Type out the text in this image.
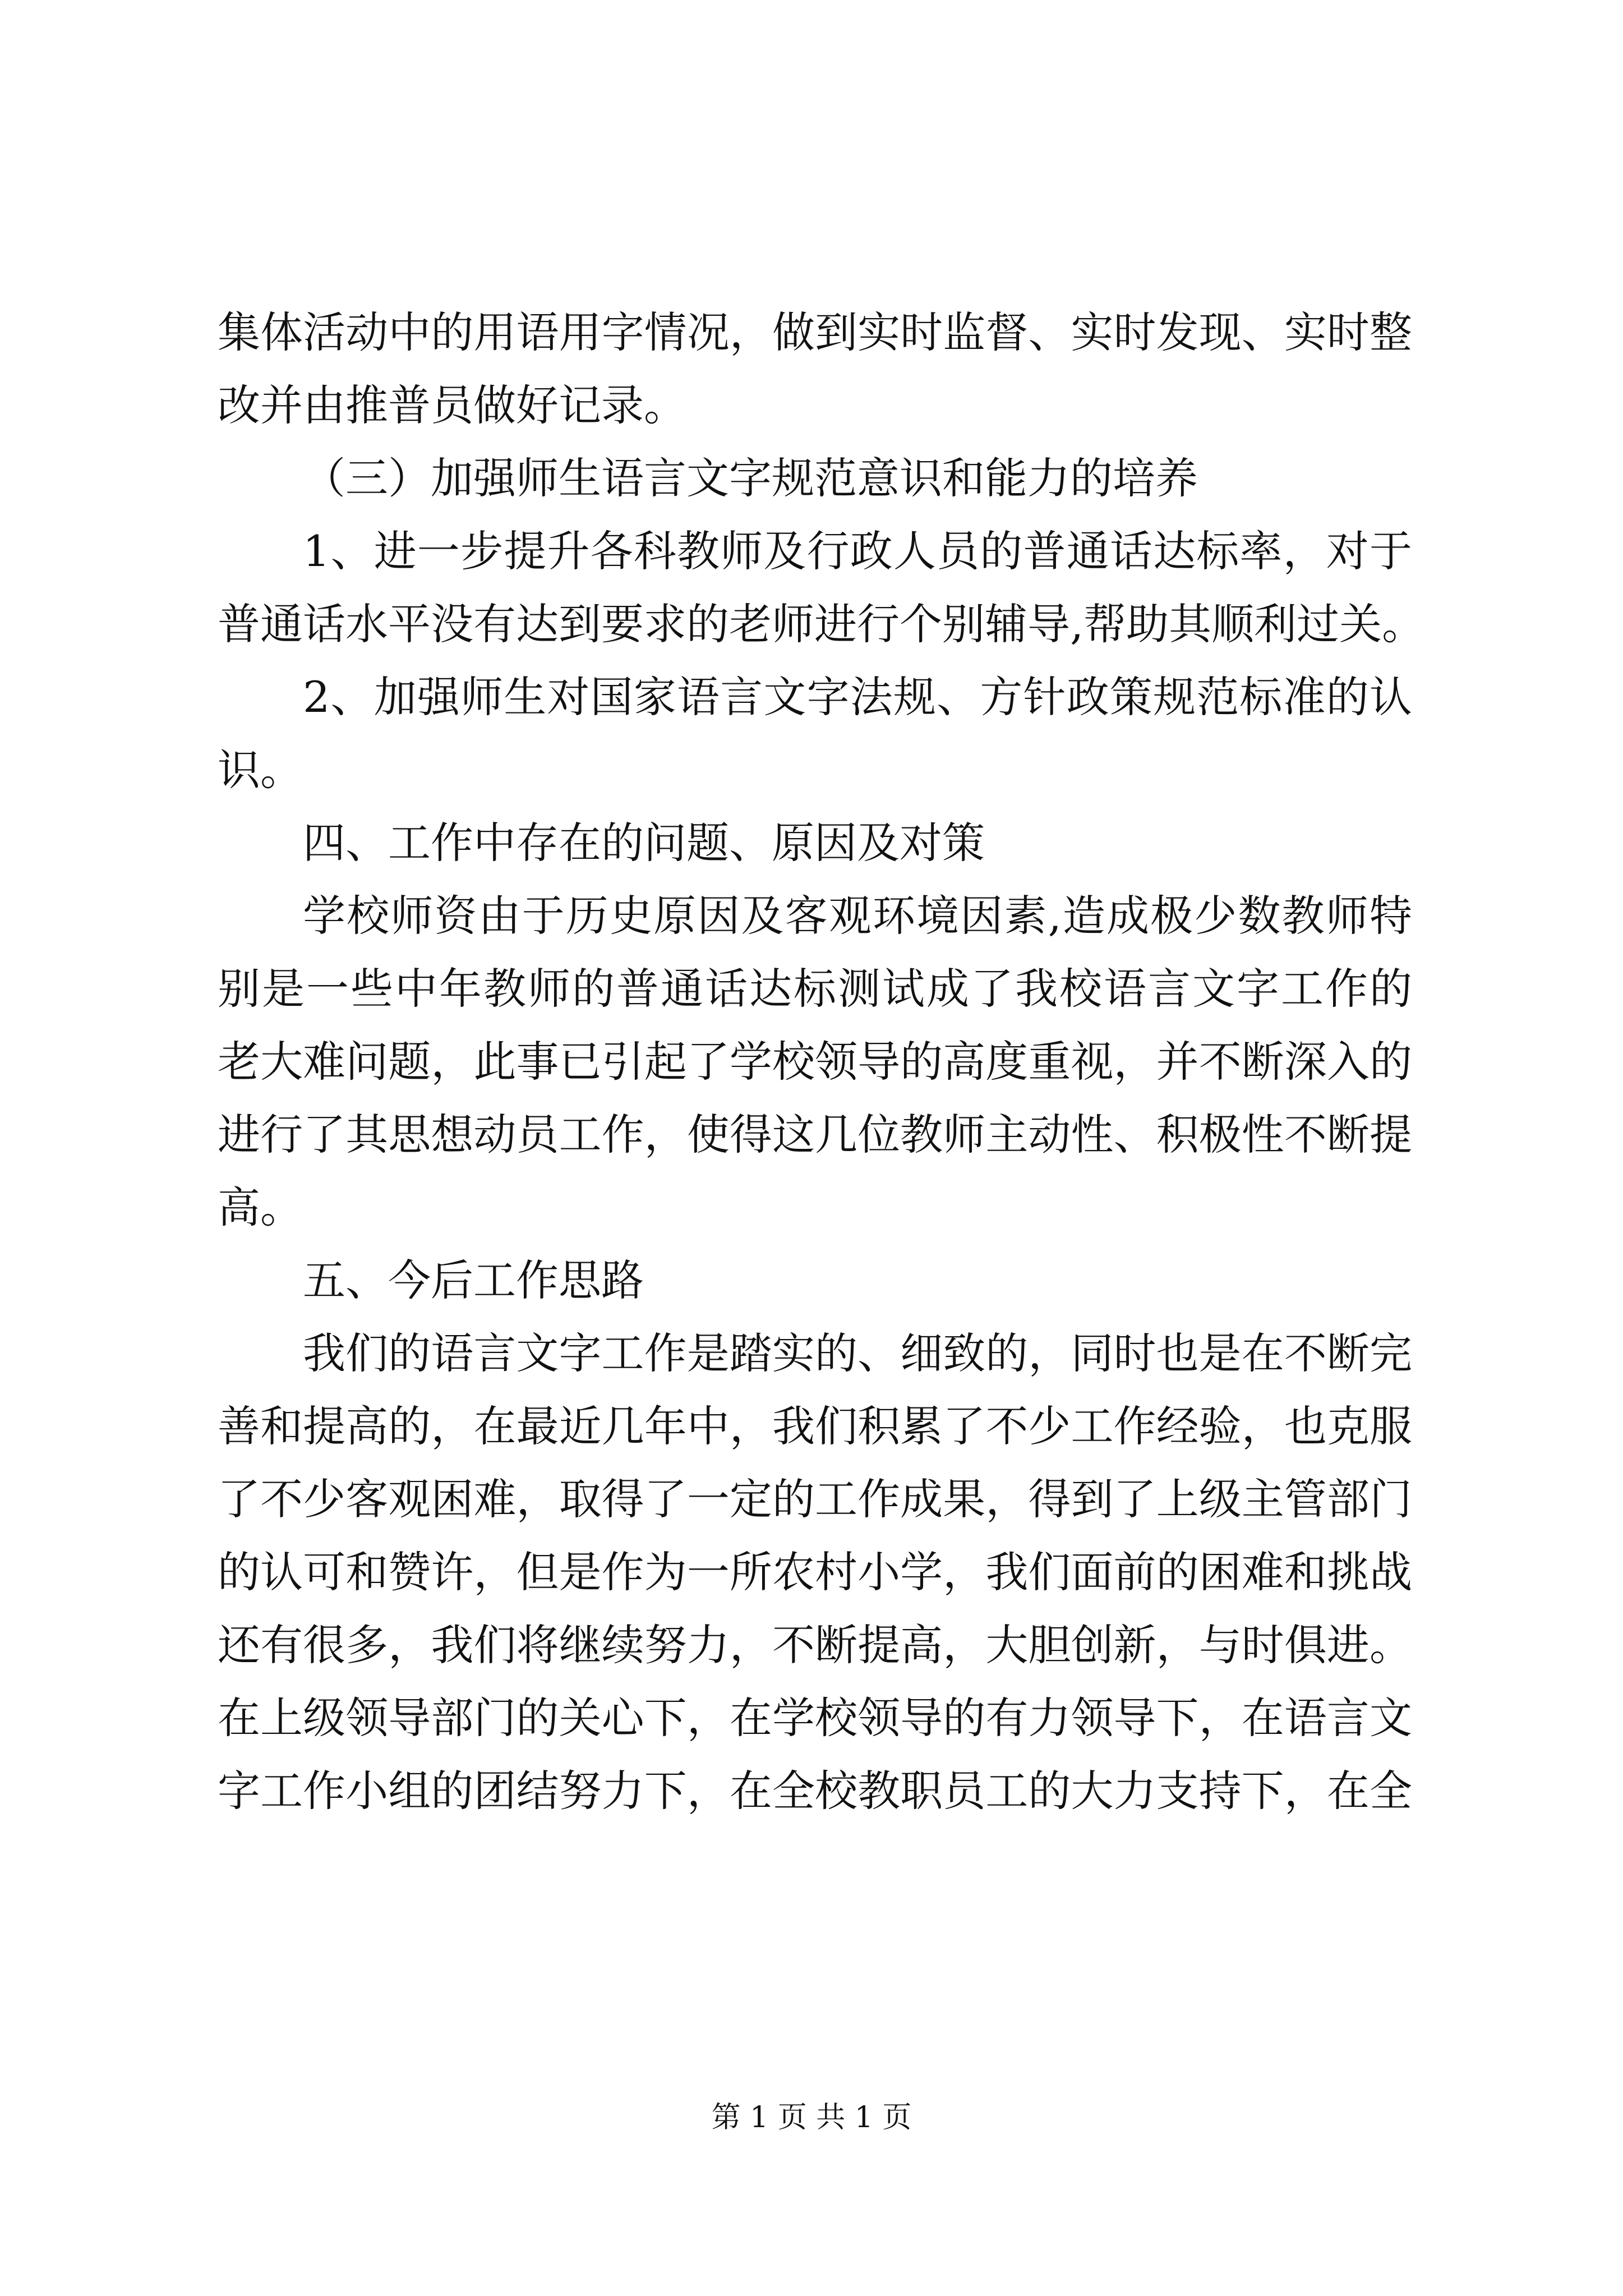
集体活动中的用语用字情况，做到实时监督、实时发现、实时整
改并由推普员做好记录。
（三）加强师生语言文字规范意识和能力的培养
1、进一步提升各科教师及行政人员的普通话达标率，对于
普通话水平没有达到要求的老师进行个别辅导,帮助其顺利过关。
2、加强师生对国家语言文字法规、方针政策规范标准的认
识。
四、工作中存在的问题、原因及对策
学校师资由于历史原因及客观环境因素,造成极少数教师特
别是一些中年教师的普通话达标测试成了我校语言文字工作的
老大难问题，此事已引起了学校领导的高度重视，并不断深入的
进行了其思想动员工作，使得这几位教师主动性、积极性不断提
高。
五、今后工作思路
我们的语言文字工作是踏实的、细致的，同时也是在不断完
善和提高的，在最近几年中，我们积累了不少工作经验，也克服
了不少客观困难，取得了一定的工作成果，得到了上级主管部门
的认可和赞许，但是作为一所农村小学，我们面前的困难和挑战
还有很多，我们将继续努力，不断提高，大胆创新，与时俱进。
在上级领导部门的关心下，在学校领导的有力领导下，在语言文
字工作小组的团结努力下，在全校教职员工的大力支持下，在全
第 1 页 共 1 页
